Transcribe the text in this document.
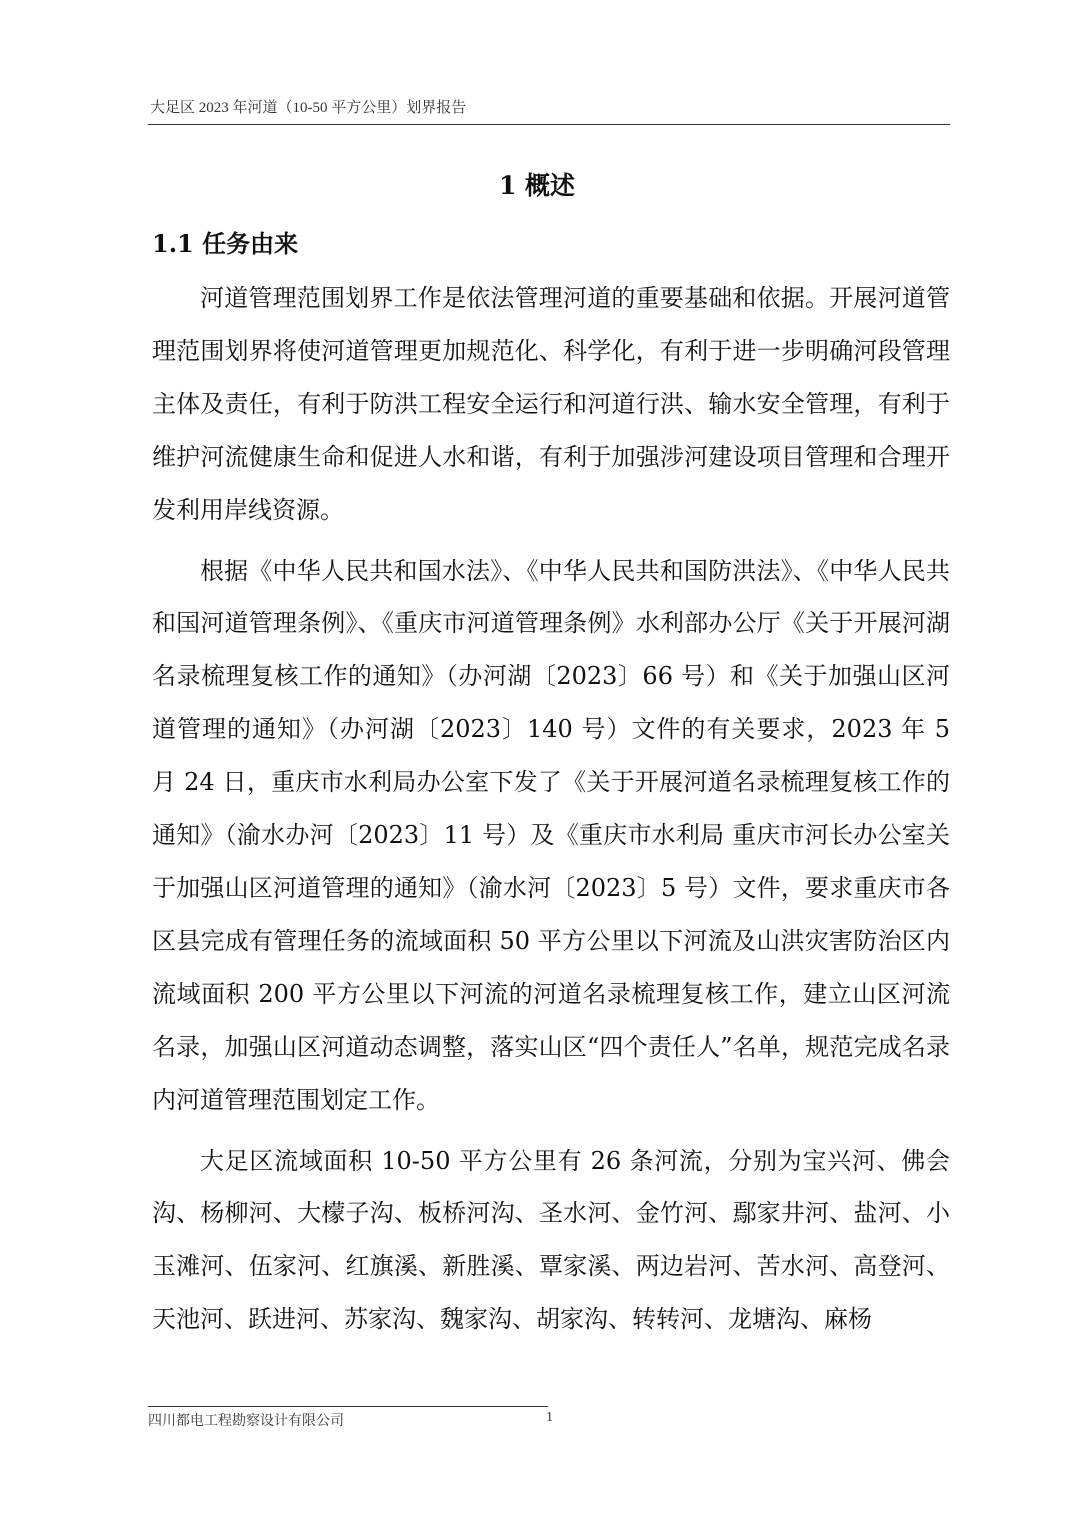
大足区 2023 年河道（10-50 平方公里）划界报告
1 概述
1.1 任务由来

河道管理范围划界工作是依法管理河道的重要基础和依据。开展河道管理范围划界将使河道管理更加规范化、科学化，有利于进一步明确河段管理主体及责任，有利于防洪工程安全运行和河道行洪、输水安全管理，有利于维护河流健康生命和促进人水和谐，有利于加强涉河建设项目管理和合理开发利用岸线资源。

根据《中华人民共和国水法》、《中华人民共和国防洪法》、《中华人民共和国河道管理条例》、《重庆市河道管理条例》水利部办公厅《关于开展河湖名录梳理复核工作的通知》（办河湖〔2023〕66 号）和《关于加强山区河道管理的通知》（办河湖〔2023〕140 号）文件的有关要求，2023 年 5 月 24 日，重庆市水利局办公室下发了《关于开展河道名录梳理复核工作的通知》（渝水办河〔2023〕11 号）及《重庆市水利局 重庆市河长办公室关于加强山区河道管理的通知》（渝水河〔2023〕5 号）文件，要求重庆市各区县完成有管理任务的流域面积 50 平方公里以下河流及山洪灾害防治区内流域面积 200 平方公里以下河流的河道名录梳理复核工作，建立山区河流名录，加强山区河道动态调整，落实山区“四个责任人”名单，规范完成名录内河道管理范围划定工作。

大足区流域面积 10-50 平方公里有 26 条河流，分别为宝兴河、佛会沟、杨柳河、大檬子沟、板桥河沟、圣水河、金竹河、鄢家井河、盐河、小玉滩河、伍家河、红旗溪、新胜溪、覃家溪、两边岩河、苦水河、高登河、天池河、跃进河、苏家沟、魏家沟、胡家沟、转转河、龙塘沟、麻杨

四川都电工程勘察设计有限公司	1
